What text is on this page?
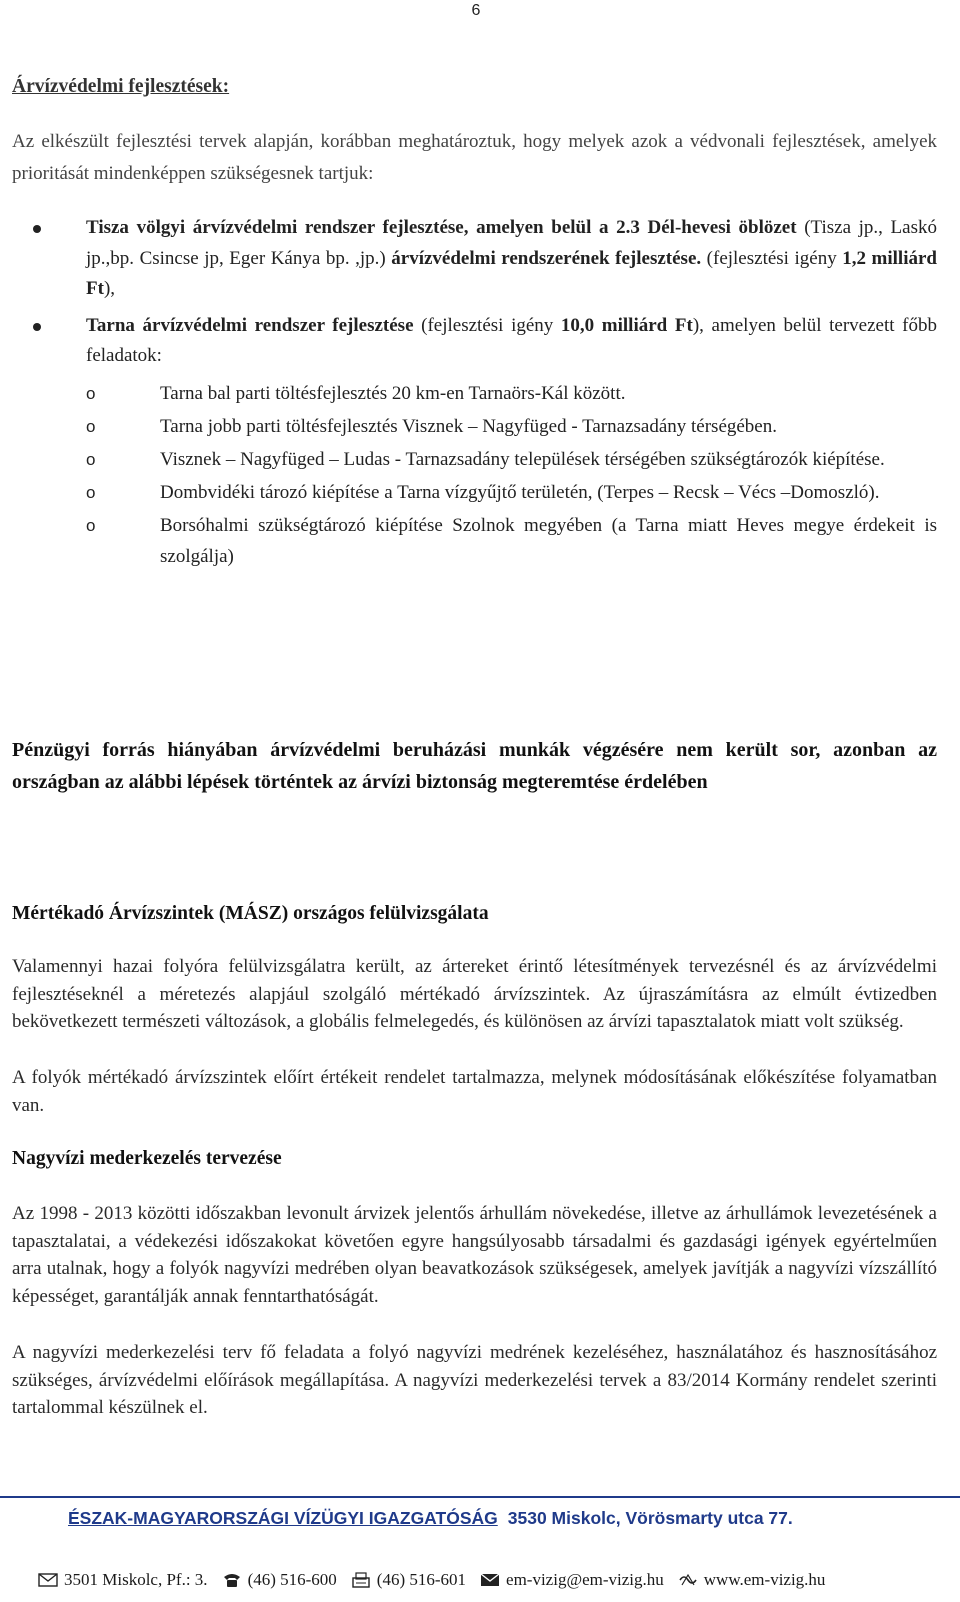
6
Árvízvédelmi fejlesztések:

Az elkészült fejlesztési tervek alapján, korábban meghatároztuk, hogy melyek azok a védvonali fejlesztések, amelyek prioritását mindenképpen szükségesnek tartjuk:

Tisza völgyi árvízvédelmi rendszer fejlesztése, amelyen belül a 2.3 Dél-hevesi öblözet (Tisza jp., Laskó jp.,bp. Csincse jp, Eger Kánya bp. ,jp.) árvízvédelmi rendszerének fejlesztése. (fejlesztési igény 1,2 milliárd Ft),
Tarna árvízvédelmi rendszer fejlesztése (fejlesztési igény 10,0 milliárd Ft), amelyen belül tervezett főbb feladatok:
o	Tarna bal parti töltésfejlesztés 20 km-en Tarnaörs-Kál között.
o	Tarna jobb parti töltésfejlesztés Visznek – Nagyfüged - Tarnazsadány térségében.
o	Visznek – Nagyfüged – Ludas - Tarnazsadány települések térségében szükségtározók kiépítése.
o	Dombvidéki tározó kiépítése a Tarna vízgyűjtő területén, (Terpes – Recsk – Vécs –Domoszló).
o	Borsóhalmi szükségtározó kiépítése Szolnok megyében (a Tarna miatt Heves megye érdekeit is szolgálja)

Pénzügyi forrás hiányában árvízvédelmi beruházási munkák végzésére nem került sor, azonban az országban az alábbi lépések történtek az árvízi biztonság megteremtése érdelében

Mértékadó Árvízszintek (MÁSZ) országos felülvizsgálata

Valamennyi hazai folyóra felülvizsgálatra került, az ártereket érintő létesítmények tervezésnél és az árvízvédelmi fejlesztéseknél a méretezés alapjául szolgáló mértékadó árvízszintek. Az újraszámításra az elmúlt évtizedben bekövetkezett természeti változások, a globális felmelegedés, és különösen az árvízi tapasztalatok miatt volt szükség.

A folyók mértékadó árvízszintek előírt értékeit rendelet tartalmazza, melynek módosításának előkészítése folyamatban van.

Nagyvízi mederkezelés tervezése

Az 1998 - 2013 közötti időszakban levonult árvizek jelentős árhullám növekedése, illetve az árhullámok levezetésének a tapasztalatai, a védekezési időszakokat követően egyre hangsúlyosabb társadalmi és gazdasági igények egyértelműen arra utalnak, hogy a folyók nagyvízi medrében olyan beavatkozások szükségesek, amelyek javítják a nagyvízi vízszállító képességet, garantálják annak fenntarthatóságát.

A nagyvízi mederkezelési terv fő feladata a folyó nagyvízi medrének kezeléséhez, használatához és hasznosításához szükséges, árvízvédelmi előírások megállapítása. A nagyvízi mederkezelési tervek a 83/2014 Kormány rendelet szerinti tartalommal készülnek el.

ÉSZAK-MAGYARORSZÁGI VÍZÜGYI IGAZGATÓSÁG 3530 Miskolc, Vörösmarty utca 77.
3501 Miskolc, Pf.: 3. (46) 516-600 (46) 516-601 em-vizig@em-vizig.hu www.em-vizig.hu
